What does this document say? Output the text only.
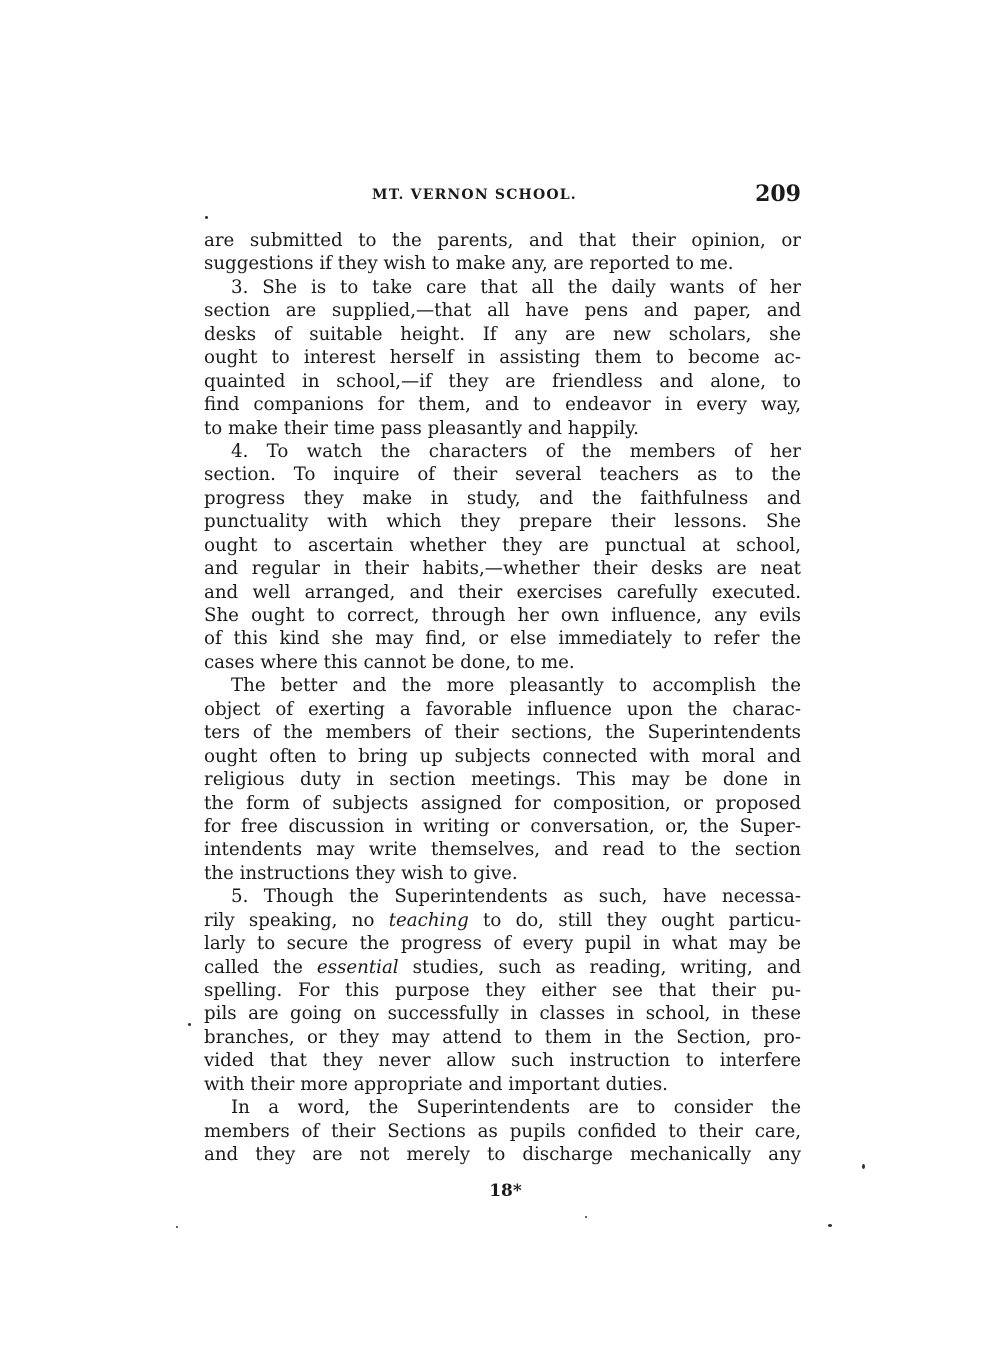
MT. VERNON SCHOOL.	209
are submitted to the parents, and that their opinion, or
suggestions if they wish to make any, are reported to me.
3. She is to take care that all the daily wants of her
section are supplied,—that all have pens and paper, and
desks of suitable height. If any are new scholars, she
ought to interest herself in assisting them to become ac-
quainted in school,—if they are friendless and alone, to
find companions for them, and to endeavor in every way,
to make their time pass pleasantly and happily.
4. To watch the characters of the members of her
section. To inquire of their several teachers as to the
progress they make in study, and the faithfulness and
punctuality with which they prepare their lessons. She
ought to ascertain whether they are punctual at school,
and regular in their habits,—whether their desks are neat
and well arranged, and their exercises carefully executed.
She ought to correct, through her own influence, any evils
of this kind she may find, or else immediately to refer the
cases where this cannot be done, to me.
The better and the more pleasantly to accomplish the
object of exerting a favorable influence upon the charac-
ters of the members of their sections, the Superintendents
ought often to bring up subjects connected with moral and
religious duty in section meetings. This may be done in
the form of subjects assigned for composition, or proposed
for free discussion in writing or conversation, or, the Super-
intendents may write themselves, and read to the section
the instructions they wish to give.
5. Though the Superintendents as such, have necessa-
rily speaking, no teaching to do, still they ought particu-
larly to secure the progress of every pupil in what may be
called the essential studies, such as reading, writing, and
spelling. For this purpose they either see that their pu-
pils are going on successfully in classes in school, in these
branches, or they may attend to them in the Section, pro-
vided that they never allow such instruction to interfere
with their more appropriate and important duties.
In a word, the Superintendents are to consider the
members of their Sections as pupils confided to their care,
and they are not merely to discharge mechanically any
18*
